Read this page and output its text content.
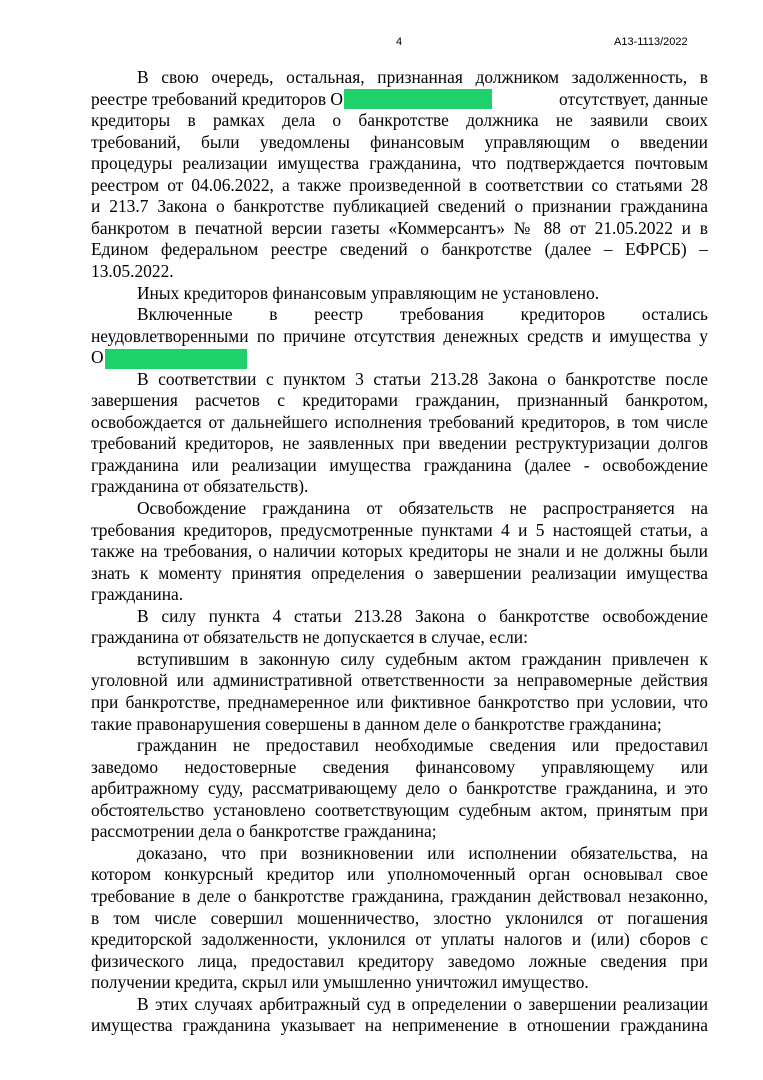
4	А13-1113/2022
В свою очередь, остальная, признанная должником задолженность, в
реестре требований кредиторов О	отсутствует, данные
кредиторы в рамках дела о банкротстве должника не заявили своих
требований, были уведомлены финансовым управляющим о введении
процедуры реализации имущества гражданина, что подтверждается почтовым
реестром от 04.06.2022, а также произведенной в соответствии со статьями 28
и 213.7 Закона о банкротстве публикацией сведений о признании гражданина
банкротом в печатной версии газеты «Коммерсантъ» № 88 от 21.05.2022 и в
Едином федеральном реестре сведений о банкротстве (далее – ЕФРСБ) –
13.05.2022.
Иных кредиторов финансовым управляющим не установлено.
Включенные в реестр требования кредиторов остались
неудовлетворенными по причине отсутствия денежных средств и имущества у
О
В соответствии с пунктом 3 статьи 213.28 Закона о банкротстве после
завершения расчетов с кредиторами гражданин, признанный банкротом,
освобождается от дальнейшего исполнения требований кредиторов, в том числе
требований кредиторов, не заявленных при введении реструктуризации долгов
гражданина или реализации имущества гражданина (далее - освобождение
гражданина от обязательств).
Освобождение гражданина от обязательств не распространяется на
требования кредиторов, предусмотренные пунктами 4 и 5 настоящей статьи, а
также на требования, о наличии которых кредиторы не знали и не должны были
знать к моменту принятия определения о завершении реализации имущества
гражданина.
В силу пункта 4 статьи 213.28 Закона о банкротстве освобождение
гражданина от обязательств не допускается в случае, если:
вступившим в законную силу судебным актом гражданин привлечен к
уголовной или административной ответственности за неправомерные действия
при банкротстве, преднамеренное или фиктивное банкротство при условии, что
такие правонарушения совершены в данном деле о банкротстве гражданина;
гражданин не предоставил необходимые сведения или предоставил
заведомо недостоверные сведения финансовому управляющему или
арбитражному суду, рассматривающему дело о банкротстве гражданина, и это
обстоятельство установлено соответствующим судебным актом, принятым при
рассмотрении дела о банкротстве гражданина;
доказано, что при возникновении или исполнении обязательства, на
котором конкурсный кредитор или уполномоченный орган основывал свое
требование в деле о банкротстве гражданина, гражданин действовал незаконно,
в том числе совершил мошенничество, злостно уклонился от погашения
кредиторской задолженности, уклонился от уплаты налогов и (или) сборов с
физического лица, предоставил кредитору заведомо ложные сведения при
получении кредита, скрыл или умышленно уничтожил имущество.
В этих случаях арбитражный суд в определении о завершении реализации
имущества гражданина указывает на неприменение в отношении гражданина
